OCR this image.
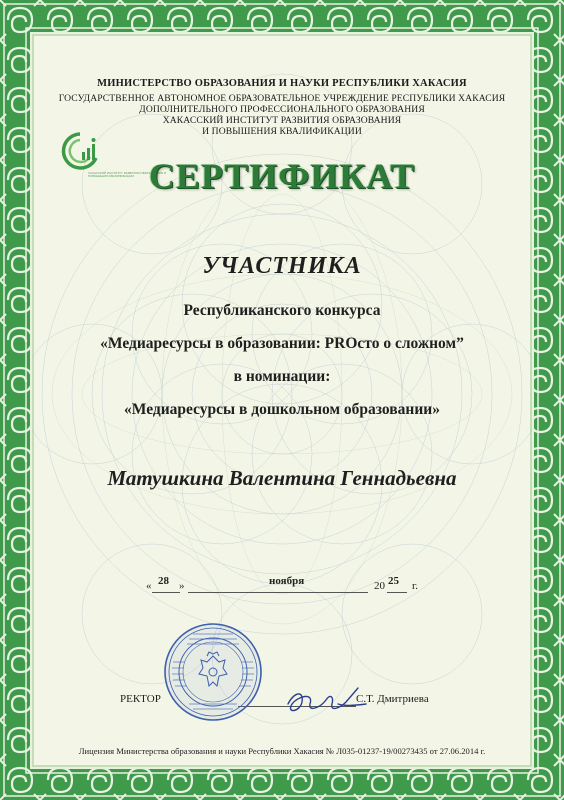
МИНИСТЕРСТВО ОБРАЗОВАНИЯ И НАУКИ РЕСПУБЛИКИ ХАКАСИЯ
ГОСУДАРСТВЕННОЕ АВТОНОМНОЕ ОБРАЗОВАТЕЛЬНОЕ УЧРЕЖДЕНИЕ РЕСПУБЛИКИ ХАКАСИЯ
ДОПОЛНИТЕЛЬНОГО ПРОФЕССИОНАЛЬНОГО ОБРАЗОВАНИЯ
ХАКАССКИЙ ИНСТИТУТ РАЗВИТИЯ ОБРАЗОВАНИЯ
И ПОВЫШЕНИЯ КВАЛИФИКАЦИИ
ХАКАССКИЙ ИНСТИТУТ РАЗВИТИЯ ОБРАЗОВАНИЯ И ПОВЫШЕНИЯ КВАЛИФИКАЦИИ СЕРТИФИКАТ
УЧАСТНИКА
Республиканского конкурса
«Медиаресурсы в образовании: PROсто о сложном”
в номинации:
«Медиаресурсы в дошкольном образовании»
Матушкина Валентина Геннадьевна
« 28 »	ноября	20 25 г.
РЕКТОР	С.Т. Дмитриева
Лицензия Министерства образования и науки Республики Хакасия № Л035-01237-19/00273435 от 27.06.2014 г.
